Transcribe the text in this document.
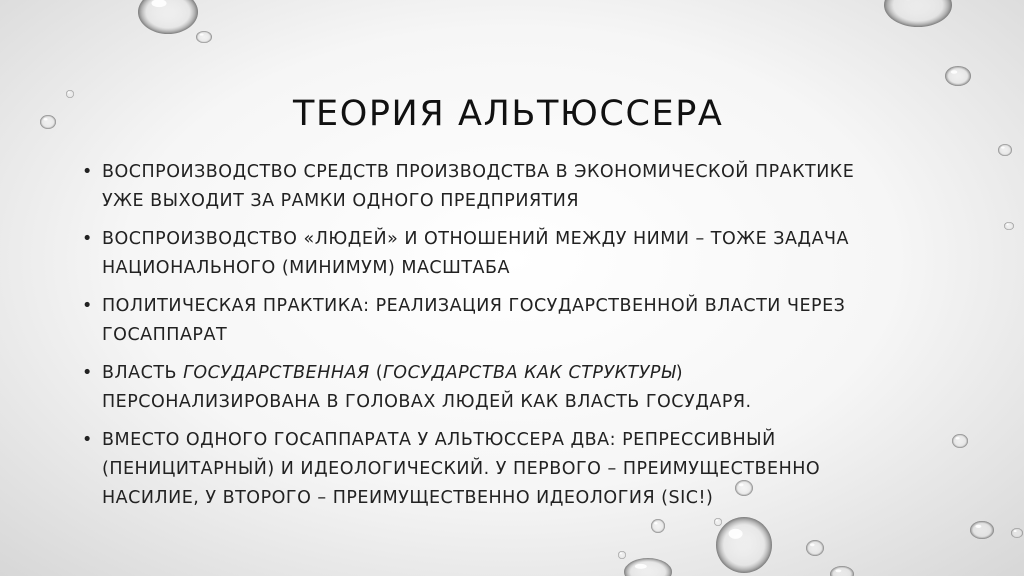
ТЕОРИЯ АЛЬТЮССЕРА
• ВОСПРОИЗВОДСТВО СРЕДСТВ ПРОИЗВОДСТВА В ЭКОНОМИЧЕСКОЙ ПРАКТИКЕ
УЖЕ ВЫХОДИТ ЗА РАМКИ ОДНОГО ПРЕДПРИЯТИЯ
• ВОСПРОИЗВОДСТВО «ЛЮДЕЙ» И ОТНОШЕНИЙ МЕЖДУ НИМИ – ТОЖЕ ЗАДАЧА
НАЦИОНАЛЬНОГО (МИНИМУМ) МАСШТАБА
• ПОЛИТИЧЕСКАЯ ПРАКТИКА: РЕАЛИЗАЦИЯ ГОСУДАРСТВЕННОЙ ВЛАСТИ ЧЕРЕЗ
ГОСАППАРАТ
• ВЛАСТЬ ГОСУДАРСТВЕННАЯ (ГОСУДАРСТВА КАК СТРУКТУРЫ)
ПЕРСОНАЛИЗИРОВАНА В ГОЛОВАХ ЛЮДЕЙ КАК ВЛАСТЬ ГОСУДАРЯ.
• ВМЕСТО ОДНОГО ГОСАППАРАТА У АЛЬТЮССЕРА ДВА: РЕПРЕССИВНЫЙ
(ПЕНИЦИТАРНЫЙ) И ИДЕОЛОГИЧЕСКИЙ. У ПЕРВОГО – ПРЕИМУЩЕСТВЕННО
НАСИЛИЕ, У ВТОРОГО – ПРЕИМУЩЕСТВЕННО ИДЕОЛОГИЯ (SIC!)
